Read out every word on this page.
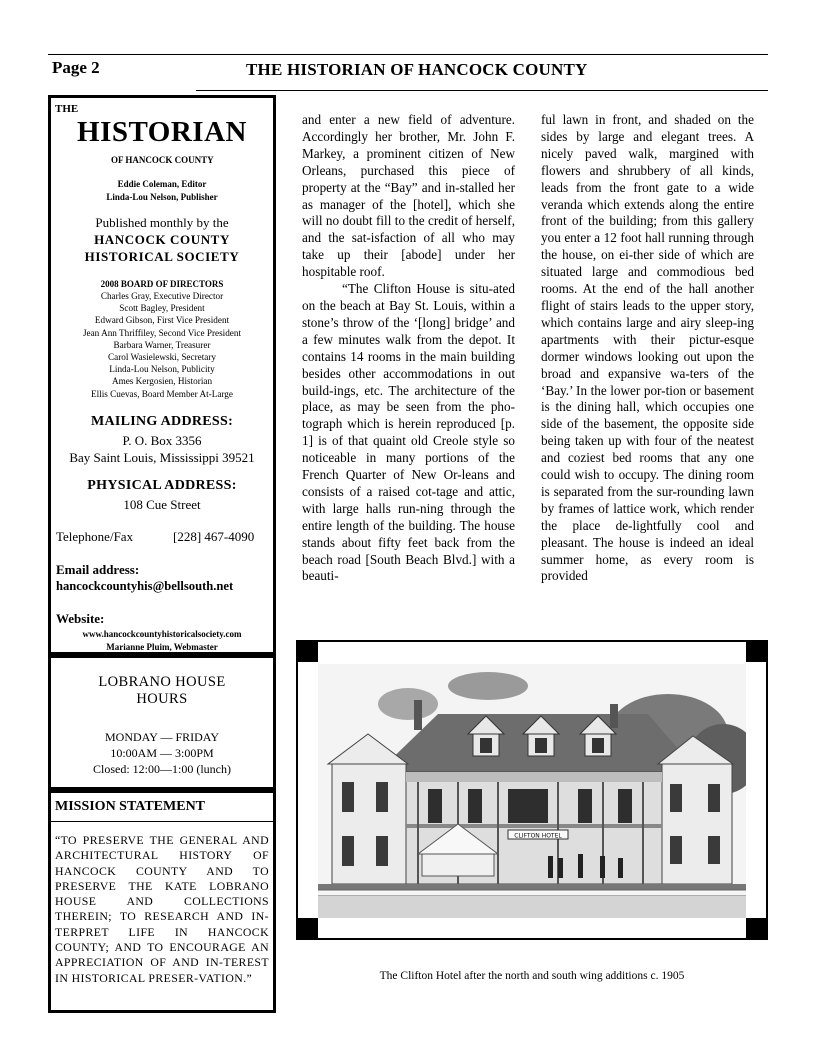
Page 2	THE HISTORIAN OF HANCOCK COUNTY
THE
HISTORIAN
OF HANCOCK COUNTY
Eddie Coleman, Editor
Linda-Lou Nelson, Publisher
Published monthly by the
HANCOCK COUNTY
HISTORICAL SOCIETY
2008 BOARD OF DIRECTORS
Charles Gray, Executive Director
Scott Bagley, President
Edward Gibson, First Vice President
Jean Ann Thriffiley, Second Vice President
Barbara Warner, Treasurer
Carol Wasielewski, Secretary
Linda-Lou Nelson, Publicity
Ames Kergosien, Historian
Ellis Cuevas, Board Member At-Large
MAILING ADDRESS:
P. O. Box 3356
Bay Saint Louis, Mississippi 39521
PHYSICAL ADDRESS:
108 Cue Street
Telephone/Fax	[228] 467-4090
Email address:
hancockcountyhis@bellsouth.net
Website:
www.hancockcountyhistoricalsociety.com
Marianne Pluim, Webmaster
LOBRANO HOUSE
HOURS
MONDAY — FRIDAY
10:00AM — 3:00PM
Closed: 12:00—1:00 (lunch)
MISSION STATEMENT
“TO PRESERVE THE GENERAL AND ARCHITECTURAL HISTORY OF HANCOCK COUNTY AND TO PRESERVE THE KATE LOBRANO HOUSE AND COLLECTIONS THEREIN; TO RESEARCH AND IN-TERPRET LIFE IN HANCOCK COUNTY; AND TO ENCOURAGE AN APPRECIATION OF AND IN-TEREST IN HISTORICAL PRESER-VATION.”

and enter a new field of adventure. Accordingly her brother, Mr. John F. Markey, a prominent citizen of New Orleans, purchased this piece of property at the “Bay” and in-stalled her as manager of the [hotel], which she will no doubt fill to the credit of herself, and the sat-isfaction of all who may take up their [abode] under her hospitable roof.

“The Clifton House is situ-ated on the beach at Bay St. Louis, within a stone’s throw of the ‘[long] bridge’ and a few minutes walk from the depot. It contains 14 rooms in the main building besides other accommodations in out build-ings, etc. The architecture of the place, as may be seen from the pho-tograph which is herein reproduced [p. 1] is of that quaint old Creole style so noticeable in many portions of the French Quarter of New Or-leans and consists of a raised cot-tage and attic, with large halls run-ning through the entire length of the building. The house stands about fifty feet back from the beach road [South Beach Blvd.] with a beauti-

ful lawn in front, and shaded on the sides by large and elegant trees. A nicely paved walk, margined with flowers and shrubbery of all kinds, leads from the front gate to a wide veranda which extends along the entire front of the building; from this gallery you enter a 12 foot hall running through the house, on ei-ther side of which are situated large and commodious bed rooms. At the end of the hall another flight of stairs leads to the upper story, which contains large and airy sleep-ing apartments with their pictur-esque dormer windows looking out upon the broad and expansive wa-ters of the ‘Bay.’ In the lower por-tion or basement is the dining hall, which occupies one side of the basement, the opposite side being taken up with four of the neatest and coziest bed rooms that any one could wish to occupy. The dining room is separated from the sur-rounding lawn by frames of lattice work, which render the place de-lightfully cool and pleasant. The house is indeed an ideal summer home, as every room is provided

CLIFTON HOTEL
The Clifton Hotel after the north and south wing additions c. 1905
